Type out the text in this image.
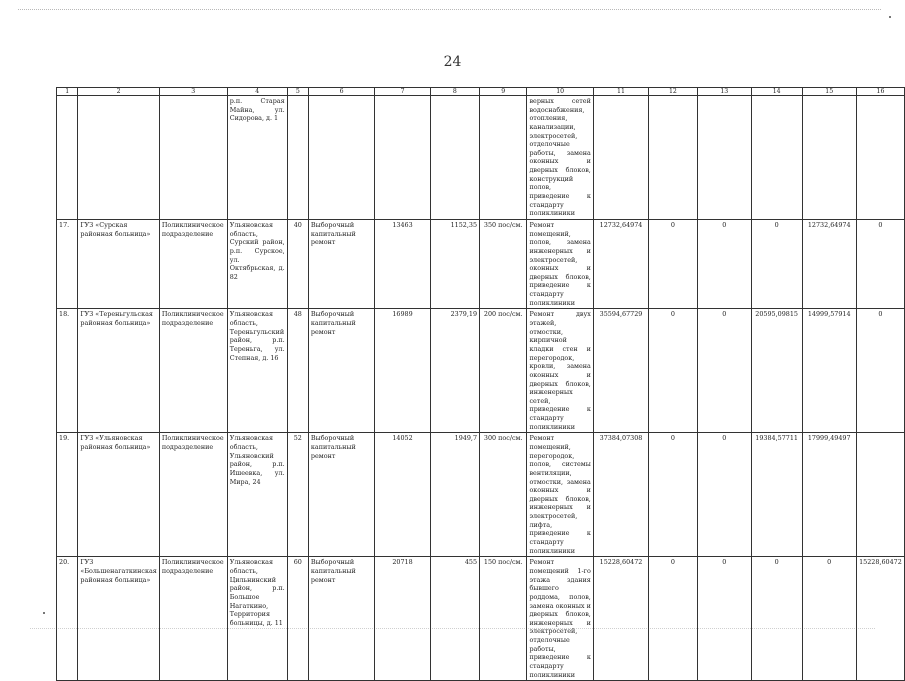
24
1	2	3	4	5	6	7	8	9	10	11	12	13	14	15	16
			р.п. Старая Майна, ул. Сидорова, д. 1						верных сетей водоснабжения, отопления, канализации, электросетей, отделочные работы, замена оконных и дверных блоков, конструкций полов, приведение к стандарту поликлиники						
17.	ГУЗ «Сурская районная больница»	Поликлиническое подразделение	Ульяновская область, Сурский район, р.п. Сурское, ул. Октябрьская, д. 82	40	Выборочный капитальный ремонт	13463	1152,35	350 пос/см.	Ремонт помещений, полов, замена инженерных и электросетей, оконных и дверных блоков, приведение к стандарту поликлиники	12732,64974	0	0	0	12732,64974	0
18.	ГУЗ «Тереньгульская районная больница»	Поликлиническое подразделение	Ульяновская область, Тереньгульский район, р.п. Тереньга, ул. Степная, д. 16	48	Выборочный капитальный ремонт	16989	2379,19	200 пос/см.	Ремонт двух этажей, отмостки, кирпичной кладки стен и перегородок, кровли, замена оконных и дверных блоков, инженерных сетей, приведение к стандарту поликлиники	35594,67729	0	0	20595,09815	14999,57914	0
19.	ГУЗ «Ульяновская районная больница»	Поликлиническое подразделение	Ульяновская область, Ульяновский район, р.п. Ишеевка, ул. Мира, 24	52	Выборочный капитальный ремонт	14052	1949,7	300 пос/см.	Ремонт помещений, перегородок, полов, системы вентиляции, отмостки, замена оконных и дверных блоков, инженерных и электросетей, лифта, приведение к стандарту поликлиники	37384,07308	0	0	19384,57711	17999,49497	
20.	ГУЗ «Большенагаткинская районная больница»	Поликлиническое подразделение	Ульяновская область, Цильнинский район, р.п. Большое Нагаткино, Территория больницы, д. 11	60	Выборочный капитальный ремонт	20718	455	150 пос/см.	Ремонт помещений 1-го этажа здания бывшего роддома, полов, замена оконных и дверных блоков, инженерных и электросетей, отделочные работы, приведение к стандарту поликлиники	15228,60472	0	0	0	0	15228,60472
